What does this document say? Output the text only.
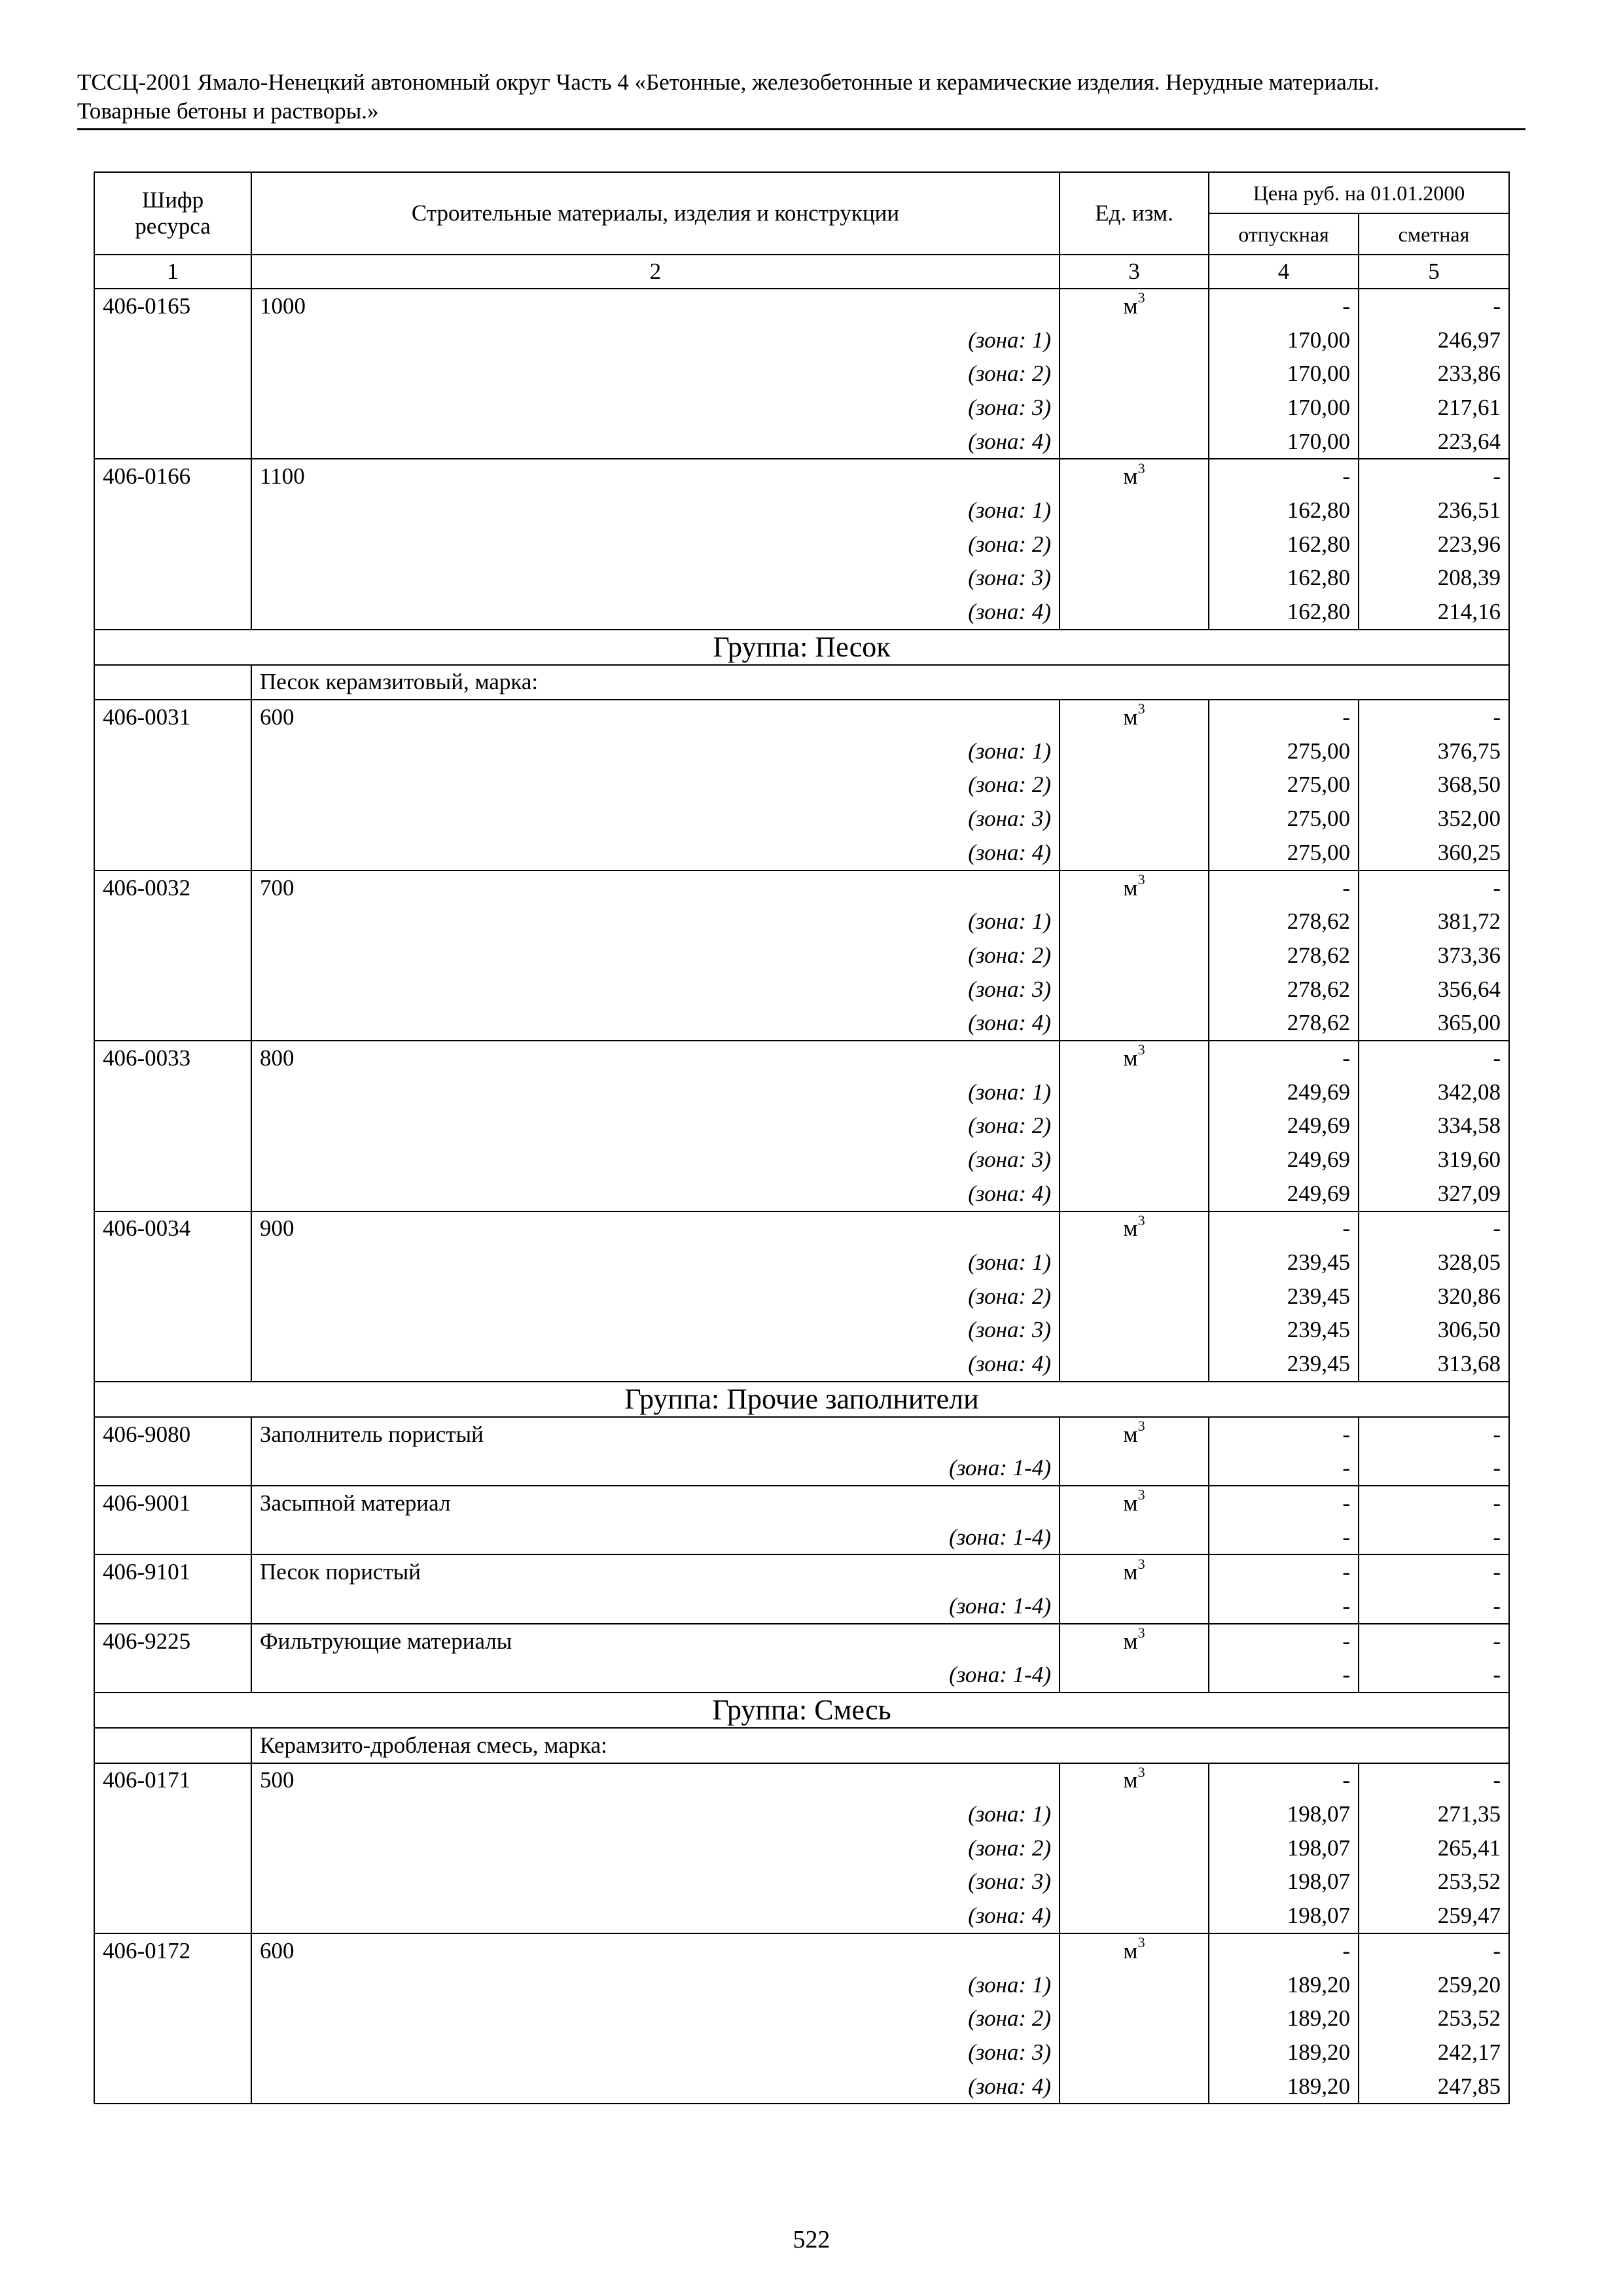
ТССЦ-2001 Ямало-Ненецкий автономный округ Часть 4 «Бетонные, железобетонные и керамические изделия. Нерудные материалы.
Товарные бетоны и растворы.»
Шифр ресурса	Строительные материалы, изделия и конструкции	Ед. изм.	Цена руб. на 01.01.2000	
			отпускная	сметная
1	2	3	4	5
406-0165	1000	$м^3$	-	-
	(зона: 1)		170,00	246,97
	(зона: 2)		170,00	233,86
	(зона: 3)		170,00	217,61
	(зона: 4)		170,00	223,64
406-0166	1100	$м^3$	-	-
	(зона: 1)		162,80	236,51
	(зона: 2)		162,80	223,96
	(зона: 3)		162,80	208,39
	(зона: 4)		162,80	214,16
Группа: Песок				
	Песок керамзитовый, марка:			
406-0031	600	$м^3$	-	-
	(зона: 1)		275,00	376,75
	(зона: 2)		275,00	368,50
	(зона: 3)		275,00	352,00
	(зона: 4)		275,00	360,25
406-0032	700	$м^3$	-	-
	(зона: 1)		278,62	381,72
	(зона: 2)		278,62	373,36
	(зона: 3)		278,62	356,64
	(зона: 4)		278,62	365,00
406-0033	800	$м^3$	-	-
	(зона: 1)		249,69	342,08
	(зона: 2)		249,69	334,58
	(зона: 3)		249,69	319,60
	(зона: 4)		249,69	327,09
406-0034	900	$м^3$	-	-
	(зона: 1)		239,45	328,05
	(зона: 2)		239,45	320,86
	(зона: 3)		239,45	306,50
	(зона: 4)		239,45	313,68
Группа: Прочие заполнители				
406-9080	Заполнитель пористый	$м^3$	-	-
	(зона: 1-4)		-	-
406-9001	Засыпной материал	$м^3$	-	-
	(зона: 1-4)		-	-
406-9101	Песок пористый	$м^3$	-	-
	(зона: 1-4)		-	-
406-9225	Фильтрующие материалы	$м^3$	-	-
	(зона: 1-4)		-	-
Группа: Смесь				
	Керамзито-дробленая смесь, марка:			
406-0171	500	$м^3$	-	-
	(зона: 1)		198,07	271,35
	(зона: 2)		198,07	265,41
	(зона: 3)		198,07	253,52
	(зона: 4)		198,07	259,47
406-0172	600	$м^3$	-	-
	(зона: 1)		189,20	259,20
	(зона: 2)		189,20	253,52
	(зона: 3)		189,20	242,17
	(зона: 4)		189,20	247,85
522
